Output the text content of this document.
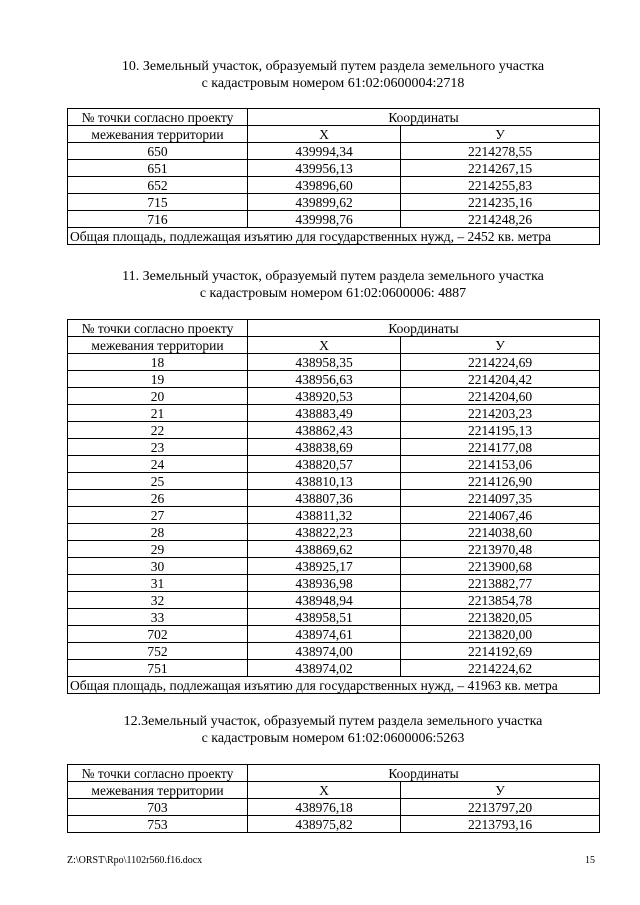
10. Земельный участок, образуемый путем раздела земельного участка

с кадастровым номером 61:02:0600004:2718

№ точки согласно проекту	Координаты	
межевания территории	X	У
650	439994,34	2214278,55
651	439956,13	2214267,15
652	439896,60	2214255,83
715	439899,62	2214235,16
716	439998,76	2214248,26
Общая площадь, подлежащая изъятию для государственных нужд, – 2452 кв. метра		

11. Земельный участок, образуемый путем раздела земельного участка

с кадастровым номером 61:02:0600006: 4887

№ точки согласно проекту	Координаты	
межевания территории	X	У
18	438958,35	2214224,69
19	438956,63	2214204,42
20	438920,53	2214204,60
21	438883,49	2214203,23
22	438862,43	2214195,13
23	438838,69	2214177,08
24	438820,57	2214153,06
25	438810,13	2214126,90
26	438807,36	2214097,35
27	438811,32	2214067,46
28	438822,23	2214038,60
29	438869,62	2213970,48
30	438925,17	2213900,68
31	438936,98	2213882,77
32	438948,94	2213854,78
33	438958,51	2213820,05
702	438974,61	2213820,00
752	438974,00	2214192,69
751	438974,02	2214224,62
Общая площадь, подлежащая изъятию для государственных нужд, – 41963 кв. метра		

12.Земельный участок, образуемый путем раздела земельного участка

с кадастровым номером 61:02:0600006:5263

№ точки согласно проекту	Координаты	
межевания территории	X	У
703	438976,18	2213797,20
753	438975,82	2213793,16
Z:\ORST\Rpo\1102r560.f16.docx	15
